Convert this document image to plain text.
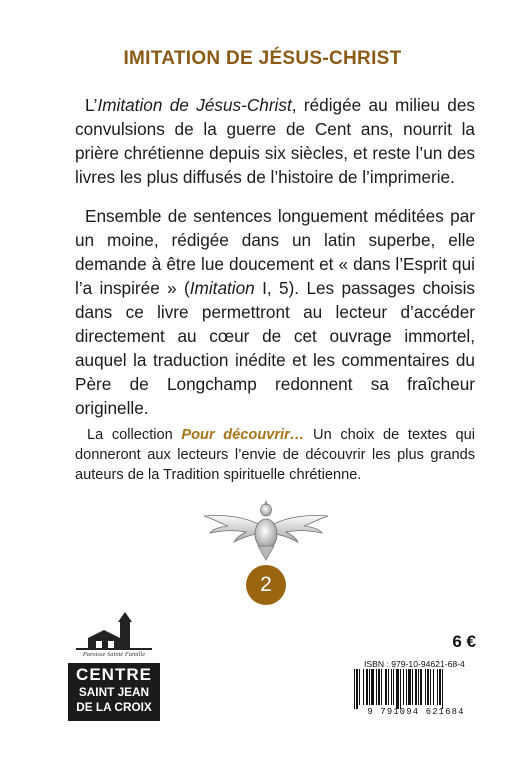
IMITATION DE JÉSUS-CHRIST

L’Imitation de Jésus-Christ, rédigée au milieu des convulsions de la guerre de Cent ans, nourrit la prière chrétienne depuis six siècles, et reste l’un des livres les plus diffusés de l’histoire de l’imprimerie.

Ensemble de sentences longuement méditées par un moine, rédigée dans un latin superbe, elle demande à être lue doucement et « dans l’Esprit qui l’a inspirée » (Imitation I, 5). Les passages choisis dans ce livre permettront au lecteur d’accéder directement au cœur de cet ouvrage immortel, auquel la traduction inédite et les commentaires du Père de Longchamp redonnent sa fraîcheur originelle.

La collection Pour découvrir… Un choix de textes qui donneront aux lecteurs l’envie de découvrir les plus grands auteurs de la Tradition spirituelle chrétienne.

2
Paroisse Sainte Famille
CENTRE
SAINT JEAN
DE LA CROIX
6 €
ISBN : 979-10-94621-68-4
9 791094 621684
